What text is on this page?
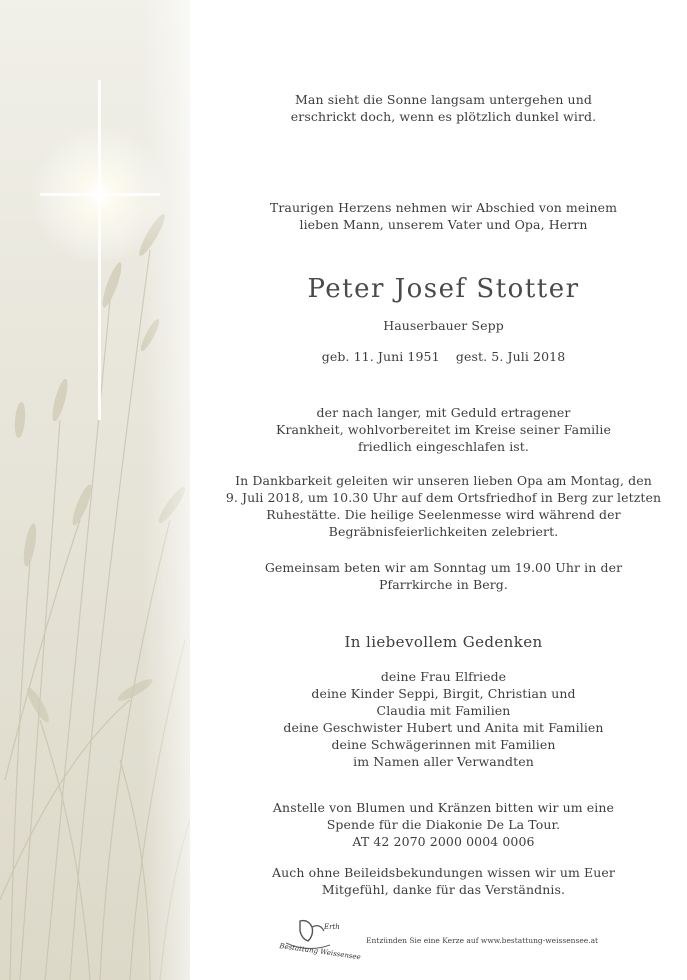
Man sieht die Sonne langsam untergehen und
erschrickt doch, wenn es plötzlich dunkel wird.
Traurigen Herzens nehmen wir Abschied von meinem
lieben Mann, unserem Vater und Opa, Herrn
Peter Josef Stotter
Hauserbauer Sepp
geb. 11. Juni 1951    gest. 5. Juli 2018
der nach langer, mit Geduld ertragener
Krankheit, wohlvorbereitet im Kreise seiner Familie
friedlich eingeschlafen ist.
In Dankbarkeit geleiten wir unseren lieben Opa am Montag, den
9. Juli 2018, um 10.30 Uhr auf dem Ortsfriedhof in Berg zur letzten
Ruhestätte. Die heilige Seelenmesse wird während der
Begräbnisfeierlichkeiten zelebriert.
Gemeinsam beten wir am Sonntag um 19.00 Uhr in der
Pfarrkirche in Berg.
In liebevollem Gedenken
deine Frau Elfriede
deine Kinder Seppi, Birgit, Christian und
Claudia mit Familien
deine Geschwister Hubert und Anita mit Familien
deine Schwägerinnen mit Familien
im Namen aller Verwandten
Anstelle von Blumen und Kränzen bitten wir um eine
Spende für die Diakonie De La Tour.
AT 42 2070 2000 0004 0006
Auch ohne Beileidsbekundungen wissen wir um Euer
Mitgefühl, danke für das Verständnis.
Erth
Bestattung Weissensee
Entzünden Sie eine Kerze auf www.bestattung-weissensee.at
